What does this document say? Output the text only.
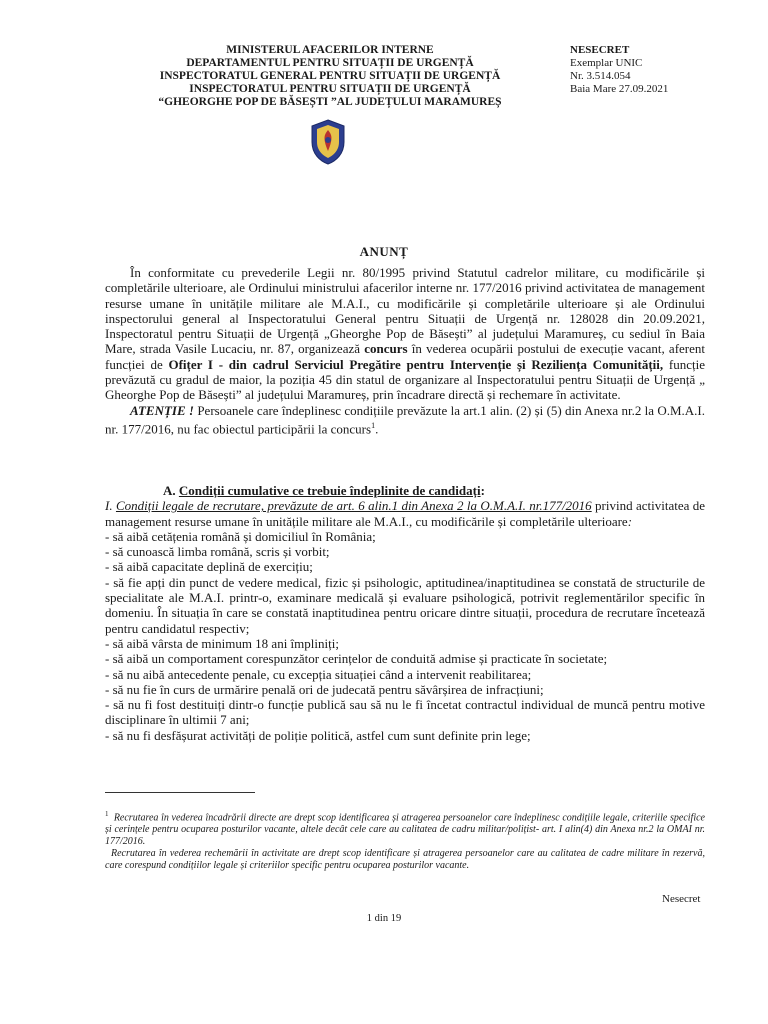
MINISTERUL AFACERILOR INTERNE
DEPARTAMENTUL PENTRU SITUAȚII DE URGENȚĂ
INSPECTORATUL GENERAL PENTRU SITUAȚII DE URGENȚĂ
INSPECTORATUL PENTRU SITUAȚII DE URGENȚĂ
“GHEORGHE POP DE BĂSEȘTI ”AL JUDEȚULUI MARAMUREȘ
NESECRET
Exemplar UNIC
Nr. 3.514.054
Baia Mare 27.09.2021
ANUNȚ

În conformitate cu prevederile Legii nr. 80/1995 privind Statutul cadrelor militare, cu modificările și completările ulterioare, ale Ordinului ministrului afacerilor interne nr. 177/2016 privind activitatea de management resurse umane în unitățile militare ale M.A.I., cu modificările și completările ulterioare și ale Ordinului inspectorului general al Inspectoratului General pentru Situații de Urgență nr. 128028 din 20.09.2021, Inspectoratul pentru Situații de Urgență „Gheorghe Pop de Băsești” al județului Maramureș, cu sediul în Baia Mare, strada Vasile Lucaciu, nr. 87, organizează concurs în vederea ocupării postului de execuție vacant, aferent funcției de Ofițer I - din cadrul Serviciul Pregătire pentru Intervenție și Reziliența Comunității, funcție prevăzută cu gradul de maior, la poziția 45 din statul de organizare al Inspectoratului pentru Situații de Urgență „ Gheorghe Pop de Băsești” al județului Maramureș, prin încadrare directă și rechemare în activitate.

ATENȚIE ! Persoanele care îndeplinesc condițiile prevăzute la art.1 alin. (2) și (5) din Anexa nr.2 la O.M.A.I. nr. 177/2016, nu fac obiectul participării la concurs$^1$.

A. Condiții cumulative ce trebuie îndeplinite de candidați:

I. Condiții legale de recrutare, prevăzute de art. 6 alin.1 din Anexa 2 la O.M.A.I. nr.177/2016 privind activitatea de management resurse umane în unitățile militare ale M.A.I., cu modificările și completările ulterioare:

- să aibă cetățenia română și domiciliul în România;
- să cunoască limba română, scris și vorbit;
- să aibă capacitate deplină de exercițiu;
- să fie apți din punct de vedere medical, fizic și psihologic, aptitudinea/inaptitudinea se constată de structurile de specialitate ale M.A.I. printr-o, examinare medicală și evaluare psihologică, potrivit reglementărilor specific în domeniu. În situația în care se constată inaptitudinea pentru oricare dintre situații, procedura de recrutare încetează pentru candidatul respectiv;
- să aibă vârsta de minimum 18 ani împliniți;
- să aibă un comportament corespunzător cerințelor de conduită admise și practicate în societate;
- să nu aibă antecedente penale, cu excepția situației când a intervenit reabilitarea;
- să nu fie în curs de urmărire penală ori de judecată pentru săvârșirea de infracțiuni;
- să nu fi fost destituiți dintr-o funcție publică sau să nu le fi încetat contractul individual de muncă pentru motive disciplinare în ultimii 7 ani;
- să nu fi desfășurat activități de poliție politică, astfel cum sunt definite prin lege;

$^1$ Recrutarea în vederea încadrării directe are drept scop identificarea și atragerea persoanelor care îndeplinesc condițiile legale, criteriile specifice și cerințele pentru ocuparea posturilor vacante, altele decât cele care au calitatea de cadru militar/polițist- art. I alin(4) din Anexa nr.2 la OMAI nr. 177/2016.

Recrutarea în vederea rechemării în activitate are drept scop identificare și atragerea persoanelor care au calitatea de cadre militare în rezervă, care corespund condițiilor legale și criteriilor specific pentru ocuparea posturilor vacante.

Nesecret
1 din 19
